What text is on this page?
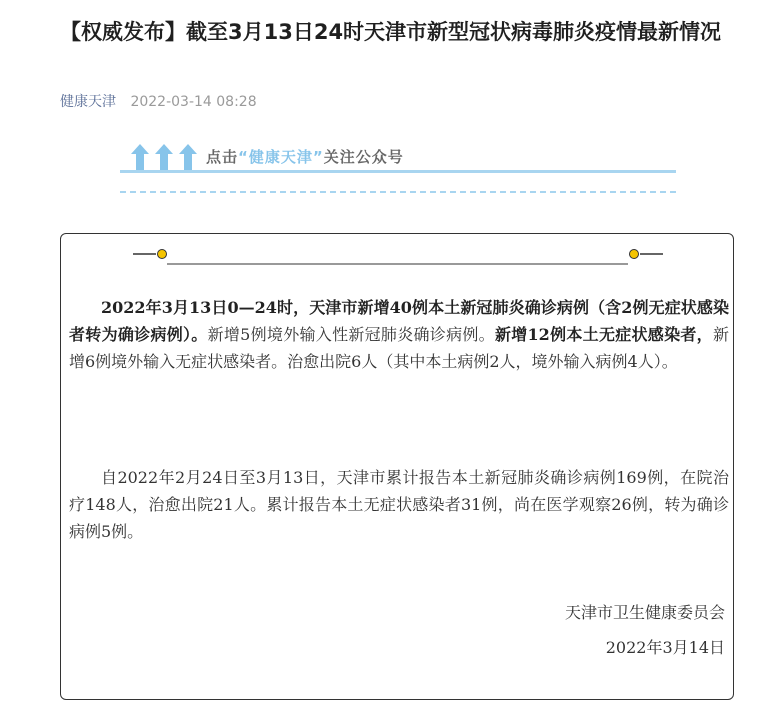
【权威发布】截至3月13日24时天津市新型冠状病毒肺炎疫情最新情况
健康天津 2022-03-14 08:28
点击“健康天津”关注公众号

2022年3月13日0—24时，天津市新增40例本土新冠肺炎确诊病例（含2例无症状感染者转为确诊病例）。新增5例境外输入性新冠肺炎确诊病例。新增12例本土无症状感染者，新增6例境外输入无症状感染者。治愈出院6人（其中本土病例2人，境外输入病例4人）。

自2022年2月24日至3月13日，天津市累计报告本土新冠肺炎确诊病例169例，在院治疗148人，治愈出院21人。累计报告本土无症状感染者31例，尚在医学观察26例，转为确诊病例5例。

天津市卫生健康委员会
2022年3月14日
